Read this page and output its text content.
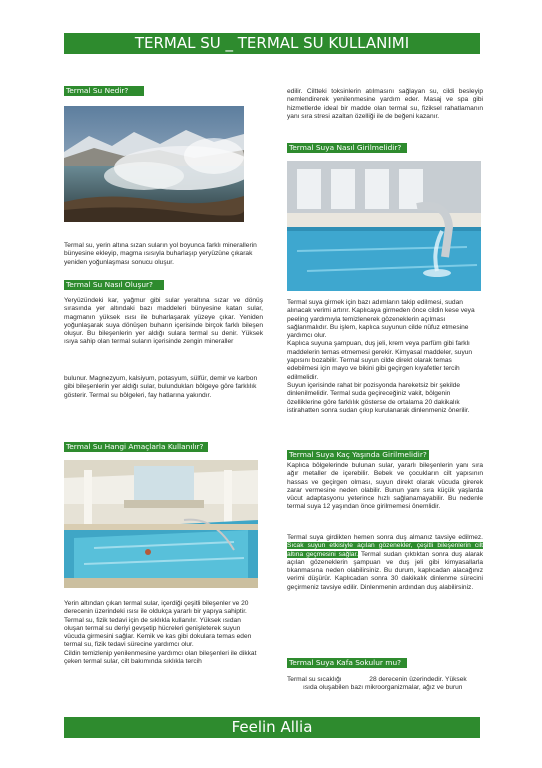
TERMAL SU _ TERMAL SU KULLANIMI
Termal Su Nedir?
Termal su, yerin altına sızan suların yol boyunca farklı minerallerin bünyesine ekleyip, magma ısısıyla buharlaşıp yeryüzüne çıkarak yeniden yoğunlaşması sonucu oluşur.
Termal Su Nasıl Oluşur?
Yeryüzündeki kar, yağmur gibi sular yeraltına sızar ve dönüş sırasında yer altındaki bazı maddeleri bünyesine katan sular, magmanın yüksek ısısı ile buharlaşarak yüzeye çıkar. Yeniden yoğunlaşarak suya dönüşen buharın içerisinde birçok farklı bileşen oluşur. Bu bileşenlerin yer aldığı sulara termal su denir. Yüksek ısıya sahip olan termal suların içerisinde zengin mineraller
bulunur. Magnezyum, kalsiyum, potasyum, sülfür, demir ve karbon gibi bileşenlerin yer aldığı sular, bulundukları bölgeye göre farklılık gösterir. Termal su bölgeleri, fay hatlarına yakındır.
Termal Su Hangi Amaçlarla Kullanılır?
Yerin altından çıkan termal sular, içerdiği çeşitli bileşenler ve 20 derecenin üzerindeki ısısı ile oldukça yararlı bir yapıya sahiptir.
Termal su, fizik tedavi için de sıklıkla kullanılır. Yüksek ısıdan oluşan termal su deriyi gevşetip hücreleri genişleterek suyun vücuda girmesini sağlar. Kemik ve kas gibi dokulara temas eden termal su, fizik tedavi sürecine yardımcı olur.
Cildin temizlenip yenilenmesine yardımcı olan bileşenleri ile dikkat çeken termal sular, cilt bakımında sıklıkla tercih
edilir. Ciltteki toksinlerin atılmasını sağlayan su, cildi besleyip nemlendirerek yenilenmesine yardım eder. Masaj ve spa gibi hizmetlerde ideal bir madde olan termal su, fiziksel rahatlamanın yanı sıra stresi azaltan özelliği ile de beğeni kazanır.
Termal Suya Nasıl Girilmelidir?
Termal suya girmek için bazı adımların takip edilmesi, sudan alınacak verimi artırır. Kaplıcaya girmeden önce cildin kese veya peeling yardımıyla temizlenerek gözeneklerin açılması sağlanmalıdır. Bu işlem, kaplıca suyunun cilde nüfuz etmesine yardımcı olur.
Kaplıca suyuna şampuan, duş jeli, krem veya parfüm gibi farklı maddelerin temas etmemesi gerekir. Kimyasal maddeler, suyun yapısını bozabilir. Termal suyun cilde direkt olarak temas edebilmesi için mayo ve bikini gibi geçirgen kıyafetler tercih edilmelidir.
Suyun içerisinde rahat bir pozisyonda hareketsiz bir şekilde dinlenilmelidir. Termal suda geçireceğiniz vakit, bölgenin özelliklerine göre farklılık gösterse de ortalama 20 dakikalık istirahatten sonra sudan çıkıp kurulanarak dinlenmeniz önerilir.
Termal Suya Kaç Yaşında Girilmelidir?
Kaplıca bölgelerinde bulunan sular, yararlı bileşenlerin yanı sıra ağır metaller de içerebilir. Bebek ve çocukların cilt yapısının hassas ve geçirgen olması, suyun direkt olarak vücuda girerek zarar vermesine neden olabilir. Bunun yanı sıra küçük yaşlarda vücut adaptasyonu yeterince hızlı sağlanamayabilir. Bu nedenle termal suya 12 yaşından önce girilmemesi önemlidir.
Termal suya girdikten hemen sonra duş almanız tavsiye edilmez. Sıcak suyun etkisiyle açılan gözenekler, çeşitli bileşenlerin cilt altına geçmesini sağlar. Termal sudan çıktıktan sonra duş alarak açılan gözeneklerin şampuan ve duş jeli gibi kimyasallarla tıkanmasına neden olabilirsiniz. Bu durum, kaplıcadan alacağınız verimi düşürür. Kaplıcadan sonra 30 dakikalık dinlenme sürecini geçirmeniz tavsiye edilir. Dinlenmenin ardından duş alabilirsiniz.
Termal Suya Kafa Sokulur mu?
Termal su sıcaklığı	28 derecenin üzerindedir. Yüksek
ısıda oluşabilen bazı mikroorganizmalar, ağız ve burun
Feelin Allia
